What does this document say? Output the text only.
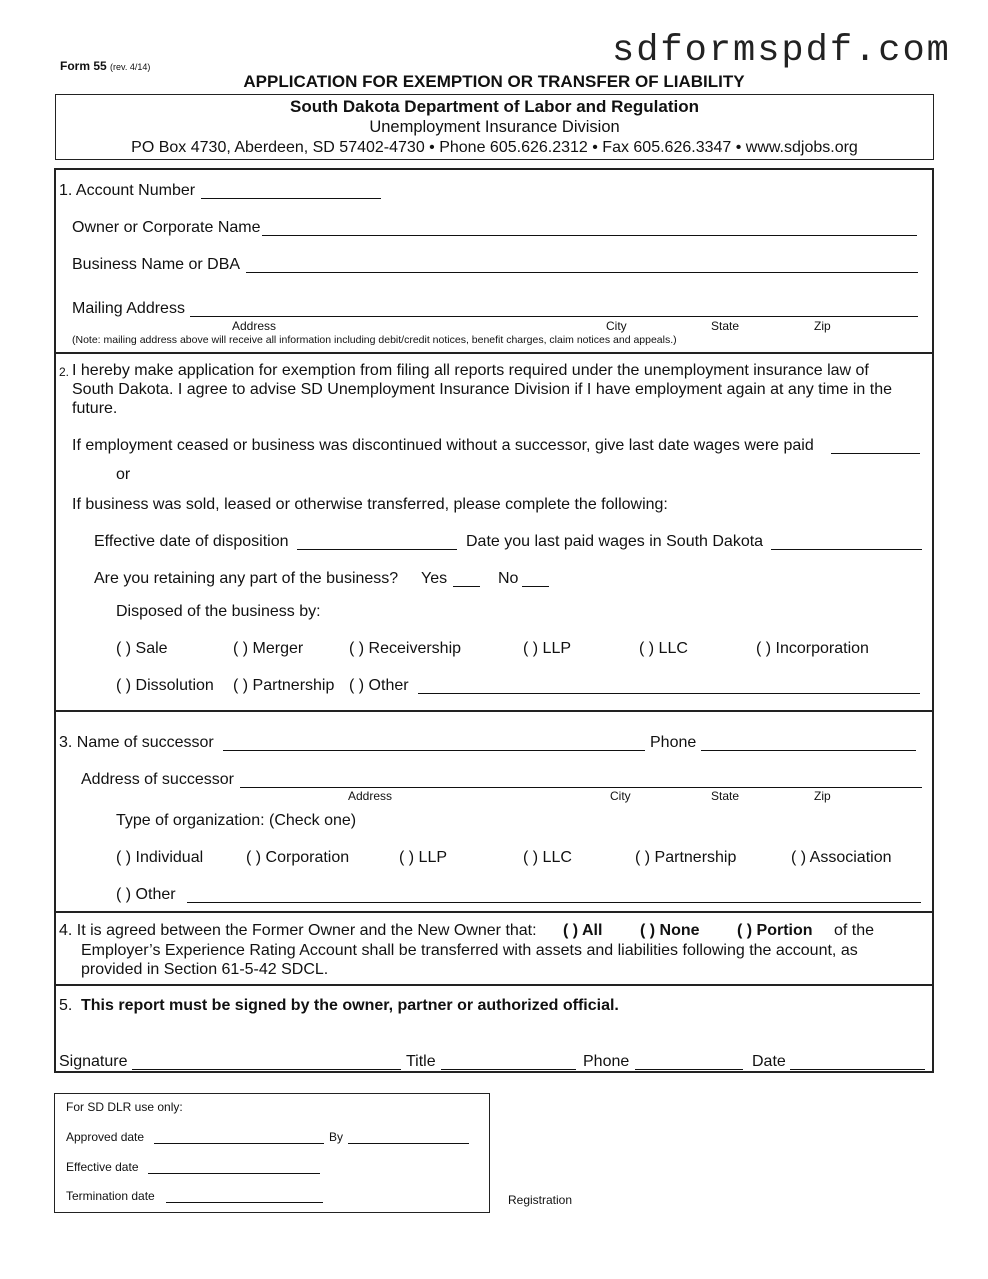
sdformspdf.com
Form 55 (rev. 4/14)
APPLICATION FOR EXEMPTION OR TRANSFER OF LIABILITY
South Dakota Department of Labor and Regulation
Unemployment Insurance Division
PO Box 4730, Aberdeen, SD 57402-4730 • Phone 605.626.2312 • Fax 605.626.3347 • www.sdjobs.org
1. Account Number
Owner or Corporate Name
Business Name or DBA
Mailing Address
Address	City	State	Zip
(Note: mailing address above will receive all information including debit/credit notices, benefit charges, claim notices and appeals.)
2. I hereby make application for exemption from filing all reports required under the unemployment insurance law of
South Dakota. I agree to advise SD Unemployment Insurance Division if I have employment again at any time in the
future.
If employment ceased or business was discontinued without a successor, give last date wages were paid
or
If business was sold, leased or otherwise transferred, please complete the following:
Effective date of disposition	Date you last paid wages in South Dakota
Are you retaining any part of the business? Yes	No
Disposed of the business by:
( ) Sale	( ) Merger	( ) Receivership	( ) LLP	( ) LLC	( ) Incorporation
( ) Dissolution ( ) Partnership ( ) Other
3. Name of successor	Phone
Address of successor
Address	City	State	Zip
Type of organization: (Check one)
( ) Individual	( ) Corporation	( ) LLP	( ) LLC	( ) Partnership	( ) Association
( ) Other
4. It is agreed between the Former Owner and the New Owner that: ( ) All ( ) None ( ) Portion of the
Employer’s Experience Rating Account shall be transferred with assets and liabilities following the account, as
provided in Section 61-5-42 SDCL.
5. This report must be signed by the owner, partner or authorized official.
Signature	Title	Phone	Date
For SD DLR use only:
Approved date	By
Effective date
Termination date	Registration
